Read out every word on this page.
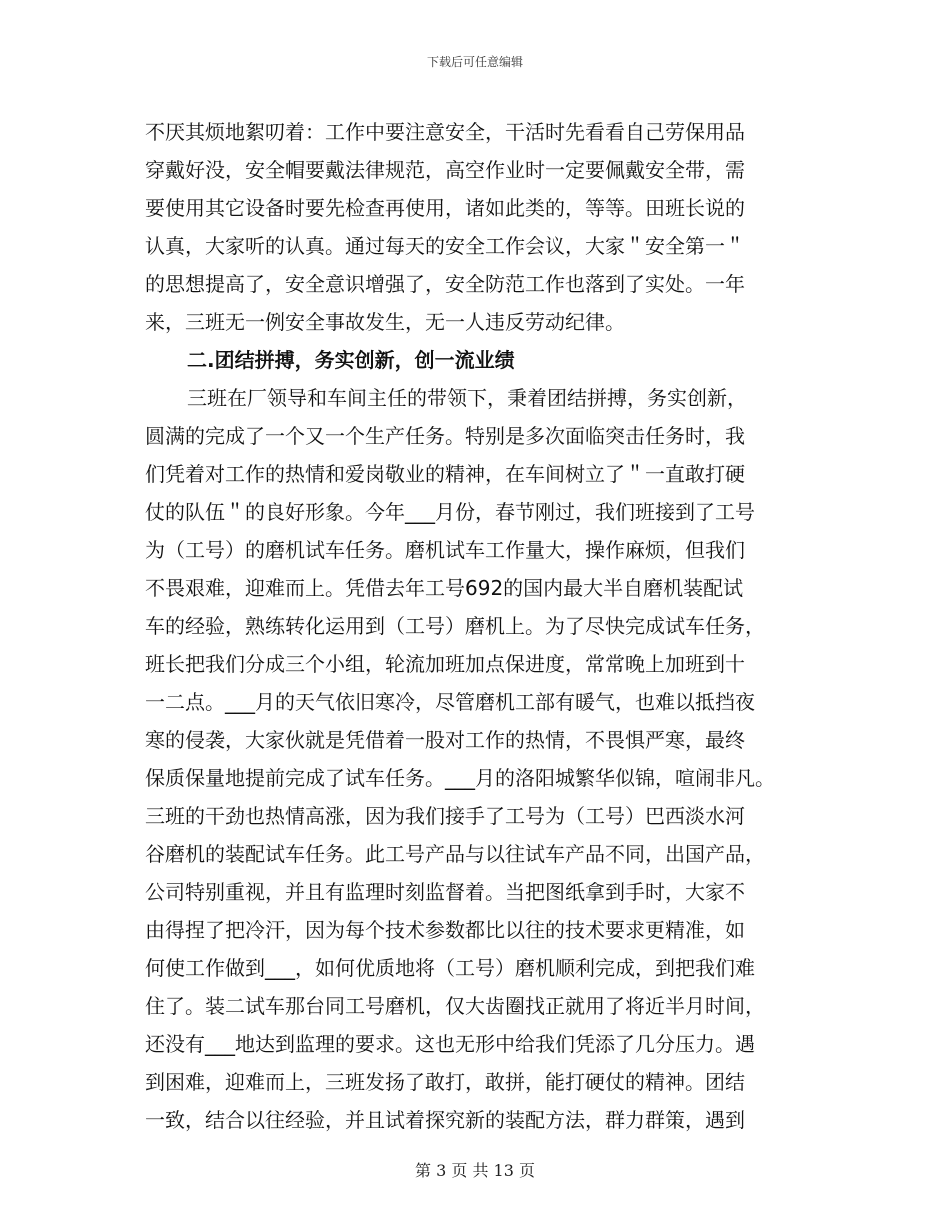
下载后可任意编辑
不厌其烦地絮叨着：工作中要注意安全，干活时先看看自己劳保用品
穿戴好没，安全帽要戴法律规范，高空作业时一定要佩戴安全带，需
要使用其它设备时要先检查再使用，诸如此类的，等等。田班长说的
认真，大家听的认真。通过每天的安全工作会议，大家＂安全第一＂
的思想提高了，安全意识增强了，安全防范工作也落到了实处。一年
来，三班无一例安全事故发生，无一人违反劳动纪律。
二.团结拼搏，务实创新，创一流业绩
三班在厂领导和车间主任的带领下，秉着团结拼搏，务实创新，
圆满的完成了一个又一个生产任务。特别是多次面临突击任务时，我
们凭着对工作的热情和爱岗敬业的精神，在车间树立了＂一直敢打硬
仗的队伍＂的良好形象。今年___月份，春节刚过，我们班接到了工号
为（工号）的磨机试车任务。磨机试车工作量大，操作麻烦，但我们
不畏艰难，迎难而上。凭借去年工号692的国内最大半自磨机装配试
车的经验，熟练转化运用到（工号）磨机上。为了尽快完成试车任务，
班长把我们分成三个小组，轮流加班加点保进度，常常晚上加班到十
一二点。___月的天气依旧寒冷，尽管磨机工部有暖气，也难以抵挡夜
寒的侵袭，大家伙就是凭借着一股对工作的热情，不畏惧严寒，最终
保质保量地提前完成了试车任务。___月的洛阳城繁华似锦，喧闹非凡。
三班的干劲也热情高涨，因为我们接手了工号为（工号）巴西淡水河
谷磨机的装配试车任务。此工号产品与以往试车产品不同，出国产品，
公司特别重视，并且有监理时刻监督着。当把图纸拿到手时，大家不
由得捏了把冷汗，因为每个技术参数都比以往的技术要求更精准，如
何使工作做到___，如何优质地将（工号）磨机顺利完成，到把我们难
住了。装二试车那台同工号磨机，仅大齿圈找正就用了将近半月时间，
还没有___地达到监理的要求。这也无形中给我们凭添了几分压力。遇
到困难，迎难而上，三班发扬了敢打，敢拼，能打硬仗的精神。团结
一致，结合以往经验，并且试着探究新的装配方法，群力群策，遇到
第 3 页 共 13 页
